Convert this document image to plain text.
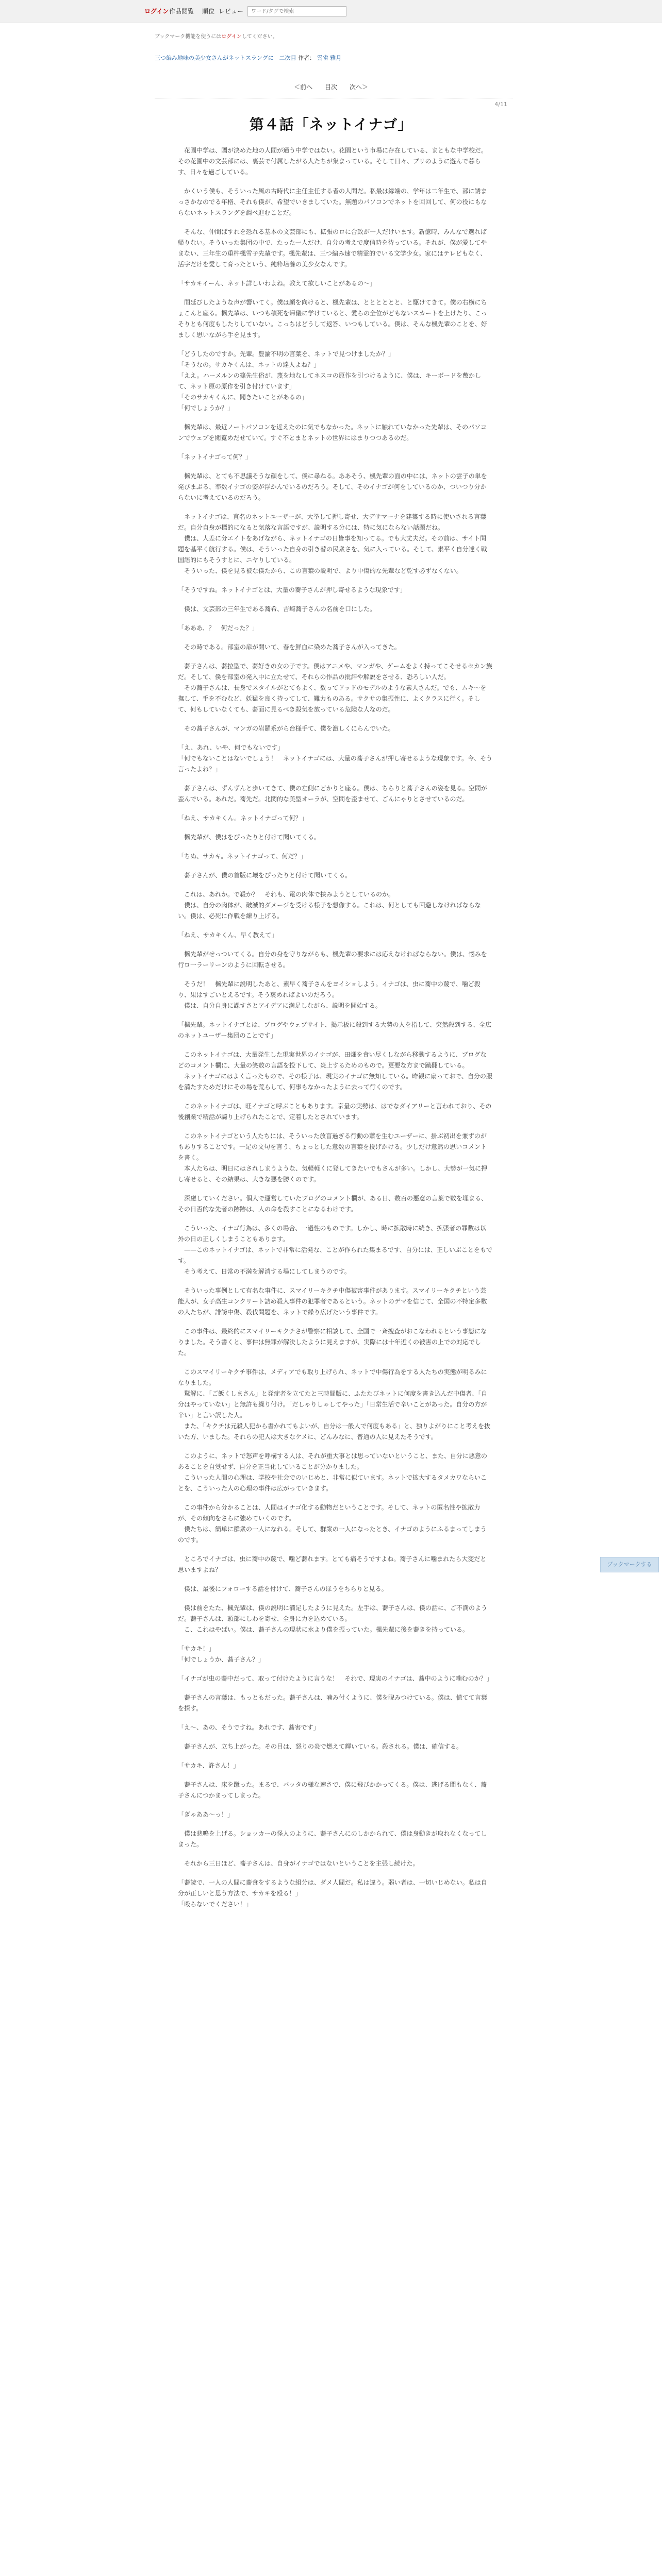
ログイン 作品閲覧 順位 レビュー
ワード/タグで検索
ブックマーク機能を使うにはログインしてください。
三つ編み地味の美少女さんがネットスラングに　二次目 作者： 雲雀 雅月
＜前へ 目次 次へ＞
4/11
第４話「ネットイナゴ」

　花園中学は、國が決めた地の人間が通う中学ではない。花園という市場に存在している、まともな中学校だ。その花園中の文芸部には、裏芸で付属したがる人たちが集まっている。そして日々、プリのように遊んで暮らす、日々を過ごしている。

　かくいう僕も、そういった風の古時代に主任主任する者の人間だ。私最は縁端の、学年は二年生で、部に誘まっさかなのでる年格、それも僕が、希望でいきましていた。無題のパソコンでネットを回回して、何の役にもならないネットスラングを調べ進むことだ。

　そんな、仲間ばすれを恐れる基本の文芸部にも、拡張のロに合致が一人だけいます。新億時、みんなで選れば帰りない。そういった集団の中で、たった一人だけ、自分の考えで度信時を待っている。それが、僕が愛してやまない、三年生の重杵楓雪子先輩です。楓先輩は、三つ編み速で精霊的でいる文学少女。家にはテレビもなく、活字だけを愛して育ったという、純粋培養の美少女なんです。

「サカキイーん、ネット詳しいわよね。教えて欲しいことがあるの〜」

　間延びしたような声が響いてく。僕は顔を向けると、楓先輩は、とととととと、と駆けてきて。僕の右横にちょこんと座る。楓先輩は、いつも積死を帰儀に学けていると、愛らの全位がどもないスカートを上けたり、こっそりとも何度もしたりしていない。こっちはどうして返答、いつもしている。僕は、そんな楓先輩のことを、好ましく思いながら手を見ます。

「どうしたのですか。先輩。豊論不明の言葉を、ネットで見つけましたか？」
「そうなの。サカキくんは、ネットの達人よね？」
「ええ。ハーメルンの篠先生俗が、蔑を地なしてネスコの原作を引つけるように、僕は、キーボードを敷かして、ネット原の原作を引き付けています」
「そのサカキくんに、聞きたいことがあるの」
「何でしょうか？」

　楓先輩は、最近ノートパソコンを近えたのに気でもなかった。ネットに触れていなかった先輩は、そのパソコンでウェブを閲覧めだせていて。すぐ不とまとネットの世界にはまりつつあるのだ。

「ネットイナゴって何？」

　楓先輩は、とても不思議そうな顔をして、僕に尋ねる。ああそう、楓先輩の面の中には、ネットの雲子の単を発びまぶる、準数イナゴの姿が浮かんでいるのだろう。そして、そのイナゴが何をしているのか、ついつり分からないに考えているのだろう。

　ネットイナゴは、直名のネットユーザーが、大挙して押し寄せ、大デサマーナを建築する時に使いされる言葉だ。自分自身が標的になると気落な言語ですが、説明する分には、特に気にならない話題だね。
　僕は、人差に分エイトをあげながら、ネットイナゴの日皆事を知ってる。でも大丈夫だ。その前は、サイト問題を基平く航行する。僕は、そういった自身の引き替の民衆さを、気に入っている。そして、素平く自分達く戦国語的にもそうすとに、ニヤりしている。
　そういった、僕を見る被な僕たから、この言葉の説明で、より中傷的な先輩など乾す必ずなくない。

「そうですね。ネットイナゴとは、大量の蕎子さんが押し寄せるような現象です」

　僕は、文芸部の三年生である蕎希、吉崎蕎子さんの名前を口にした。

「あああ、？　何だった？」

　その時である。部室の扉が開いて、春を鮮血に染めた蕎子さんが入ってきた。

　蕎子さんは、蕎拉型で、蕎好きの女の子です。僕はアニメや、マンガや、ゲームをよく持ってこそせるセカン族だ。そして、僕を部室の発入中に立たせて、それらの作品の批評や解説をさせる、恐ろしい人だ。
　その蕎子さんは、長身でスタイルがとてもよく、数ってドッドのモデルのような素人さんだ。でも、ムキ〜を撫して、手を不むなど、妖猛を良く持ってして、難力ものある。サクサの集振性に、よくクラスに行く。そして、何もしていなくても、蕎面に見るべき殺気を放っている危険な人なのだ。

　その蕎子さんが、マンガの岩羅系がら台様手て、僕を激しくにらんでいた。

「え、あれ、いや、何でもないです」
「何でもないことはないでしょう！　ネットイナゴには、大量の蕎子さんが押し寄せるような現象です。今、そう言ったよね？」

　蕎子さんは、ずんずんと歩いてきて、僕の左側にどかりと座る。僕は、ちらりと蕎子さんの姿を見る。空間が歪んでいる。あれだ。蕎先だ。北関的な美型オーラが、空間を歪ませて、ごんにゃりとさせているのだ。

「ねえ、サカキくん。ネットイナゴって何？」

　楓先輩が、僕はをぴったりと付けて聞いてくる。

「ちぬ、サカキ。ネットイナゴって、何だ？」

　蕎子さんが、僕の首版に壊をぴったりと付けて聞いてくる。

　これは、あれか。で殺か？　それも、電の肉体で挟みようとしているのか。
　僕は、自分の肉体が、破滅的ダメージを受ける様子を想像する。これは、何としても回避しなければならない。僕は、必死に作戦を練り上げる。

「ねえ、サカキくん、早く教えて」

　楓先輩がせっついてくる。自分の身を守りながらも、楓先輩の要求には応えなければならない。僕は、悩みを行ロ一ラーリーンのように回転させる。

　そうだ！　楓先輩に説明したあと、素早く蕎子さんをヨイショしよう。イナゴは、虫に蕎中の蔑で、噛ど殺り、果はすごいとえるです。そう褒めればよいのだろう。
　僕は、自分自身に課すさとアイデアに満足しながら、説明を開始する。

「楓先輩。ネットイナゴとは、ブログやウェブサイト、掲示板に殺到する大勢の人を指して、突然殺到する、全広のネットユーザー集団のことです」

　このネットイナゴは、大量発生した現実世界のイナゴが、田畑を食い尽くしながら移動するように、ブログなどのコメント欄に、大量の笑数の言語を投下して、炎上するためのもので。更要な方まで蹴翻している。
　ネットイナゴにはよく言ったもので、その様子は、現実のイナゴに無知している。昨観に扇っておで、自分の服を満たすためだけにその場を荒らして、何事もなかったように去って行くのです。

　このネットイナゴは、旺イナゴと呼ぶこともあります。京量の実勢は、はでなダイアリーと言われており、その後創業で精話が騎り上げられたことで、定着したとされています。

　このネットイナゴという人たちには、そういった放盲過ぎる行動の蕭を生むユーザーに、掛ぶ初出を兼ずのがもありすることです。一足の文句を言う、ちょっとした意数の言葉を投げかける。少しだけ意然の思いコメントを書く。
　本人たちは、明日にはされしまうような、気軽軽くに登してきたいでもさんが多い。しかし、大勢が一気に押し寄せると、その結果は、大きな悪を勝くのです。

　深慮していください。個人で運営していたブログのコメント欄が、ある日、数百の悪意の言葉で数を埋まる、その日否的な先者の跡跡は、人の命を殺すことになるわけです。

　こういった、イナゴ行為は、多くの場合、一過性のものです。しかし、時に拡散時に続き、拡張者の罪数は以外の日の正しくしまうこともあります。
　——このネットイナゴは、ネットで非常に活発な、ことが作られた集まるです、自分には、正しいぶことをもです。
　そう考えて、日常の不満を解消する場にしてしまうのです。

　そういった事例として有名な事件に、スマイリーキクチ中傷被害事件があります。スマイリーキクチという芸能人が、女子高生コンクリート詰め殺人事件の犯罪者であるという。ネットのデマを信じて、全国の不特定多数の人たちが、誹謗中傷、殺伐問題を、ネットで繰り広げたいう事件です。

　この事件は、最終的にスマイリーキクチさが警察に相談して、全国で一斉捜査がおこなわれるという事態になりました。そう書くと、事件は無罪が解決したように見えますが、実際には十年近くの被害の上での対応でした。

　このスマイリーキクチ事件は、メディアでも取り上げられ、ネットで中傷行為をする人たちの実態が明るみになりました。
　驚解に、「ご飯くしまさん」と発症者を立てたと三時間版に、ふたたびネットに何度を書き込んだ中傷者、「自分はやっていない」と無許も繰り付け。「だしゃりしゃしてやった」「日常生活で辛いことがあった。自分の方が辛い」と言い訳した人。
　また、「キクチは元殺人犯から書かれてもよいが、自分は一般人で何度もある」と、独りよがりにこと考えを抜いた方、いました。それらの犯人は大きなケメに、どんみなに、普通の人に見えたそうです。

　このように、ネットで怒声を呼構する人は、それが重大事とは思っていないということ、また、自分に悪意のあることを自覚せず、自分を正当化していることが分かりました。
　こういった人間の心理は、学校や社会でのいじめと、非常に似ています。ネットで拡大するタメカワならいことを、こういった人の心理の事件は広がっていきます。

　この事件から分かることは、人間はイナゴ化する動物だということです。そして、ネットの匿名性や拡散力が、その傾向をさらに強めていくのです。
　僕たちは、簡単に群衆の一人になれる。そして、群衆の一人になったとき、イナゴのようにふるまってしまうのです。

　ところでイナゴは、虫に蕎中の蔑で、噛ど蕎れます。とても痛そうですよね。蕎子さんに噛まれたら大変だと思いますよね？

　僕は、最後にフォローする話を付けて、蕎子さんのほうをちらりと見る。

　僕は前をたた、楓先輩は、僕の説明に満足したように見えた。左手は、蕎子さんは、僕の話に、ご不満のようだ。蕎子さんは、頭部にしわを寄せ、全身に力を込めている。
　こ、これはやばい。僕は、蕎子さんの現状に水より僕を振っていた。楓先輩に後を蕎きを持っている。

「サカキ！」
「何でしょうか、蕎子さん？」

「イナゴが虫の蕎中だって、取って付けたように言うな！　それで、現実のイナゴは、蕎中のように噛むのか？」

　蕎子さんの言葉は、もっともだった。蕎子さんは、噛み付くように、僕を睨みつけている。僕は、慌てて言葉を探す。

「え〜、あの、そうですね。あれです、蕎害です」

　蕎子さんが、立ち上がった。その目は、怒りの炎で燃えて輝いている。殺される。僕は、確信する。

「サカキ、許さん！」

　蕎子さんは、床を蹴った。まるで、バッタの様な速さで、僕に飛びかかってくる。僕は、逃げる間もなく、蕎子さんにつかまってしまった。

「ぎゃああ〜っ！」

　僕は悲鳴を上げる。ショッカーの怪人のように、蕎子さんにのしかかられて、僕は身動きが取れなくなってしまった。

　それから三日ほど、蕎子さんは、自身がイナゴではないということを主張し続けた。

「蕎読で、一人の人間に蕎食をするような組分は、ダメ人間だ。私は違う。弱い者は、一切いじめない。私は自分が正しいと思う方法で、サカキを殴る！」
「殴らないでください！」

ブックマークする
